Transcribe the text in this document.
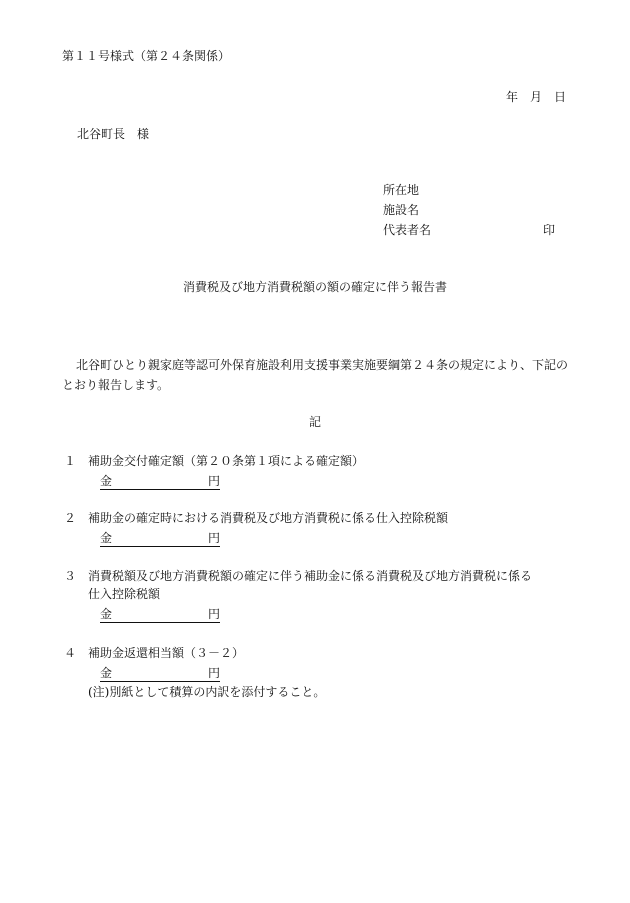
第１１号様式（第２４条関係）
年　月　日
北谷町長　様
所在地
施設名
代表者名	印
消費税及び地方消費税額の額の確定に伴う報告書
北谷町ひとり親家庭等認可外保育施設利用支援事業実施要綱第２４条の規定により、下記のとおり報告します。
記
１ 補助金交付確定額（第２０条第１項による確定額）
金	円
２ 補助金の確定時における消費税及び地方消費税に係る仕入控除税額
金	円
３ 消費税額及び地方消費税額の確定に伴う補助金に係る消費税及び地方消費税に係る
仕入控除税額
金	円
４ 補助金返還相当額（３－２）
金	円
(注)別紙として積算の内訳を添付すること。
